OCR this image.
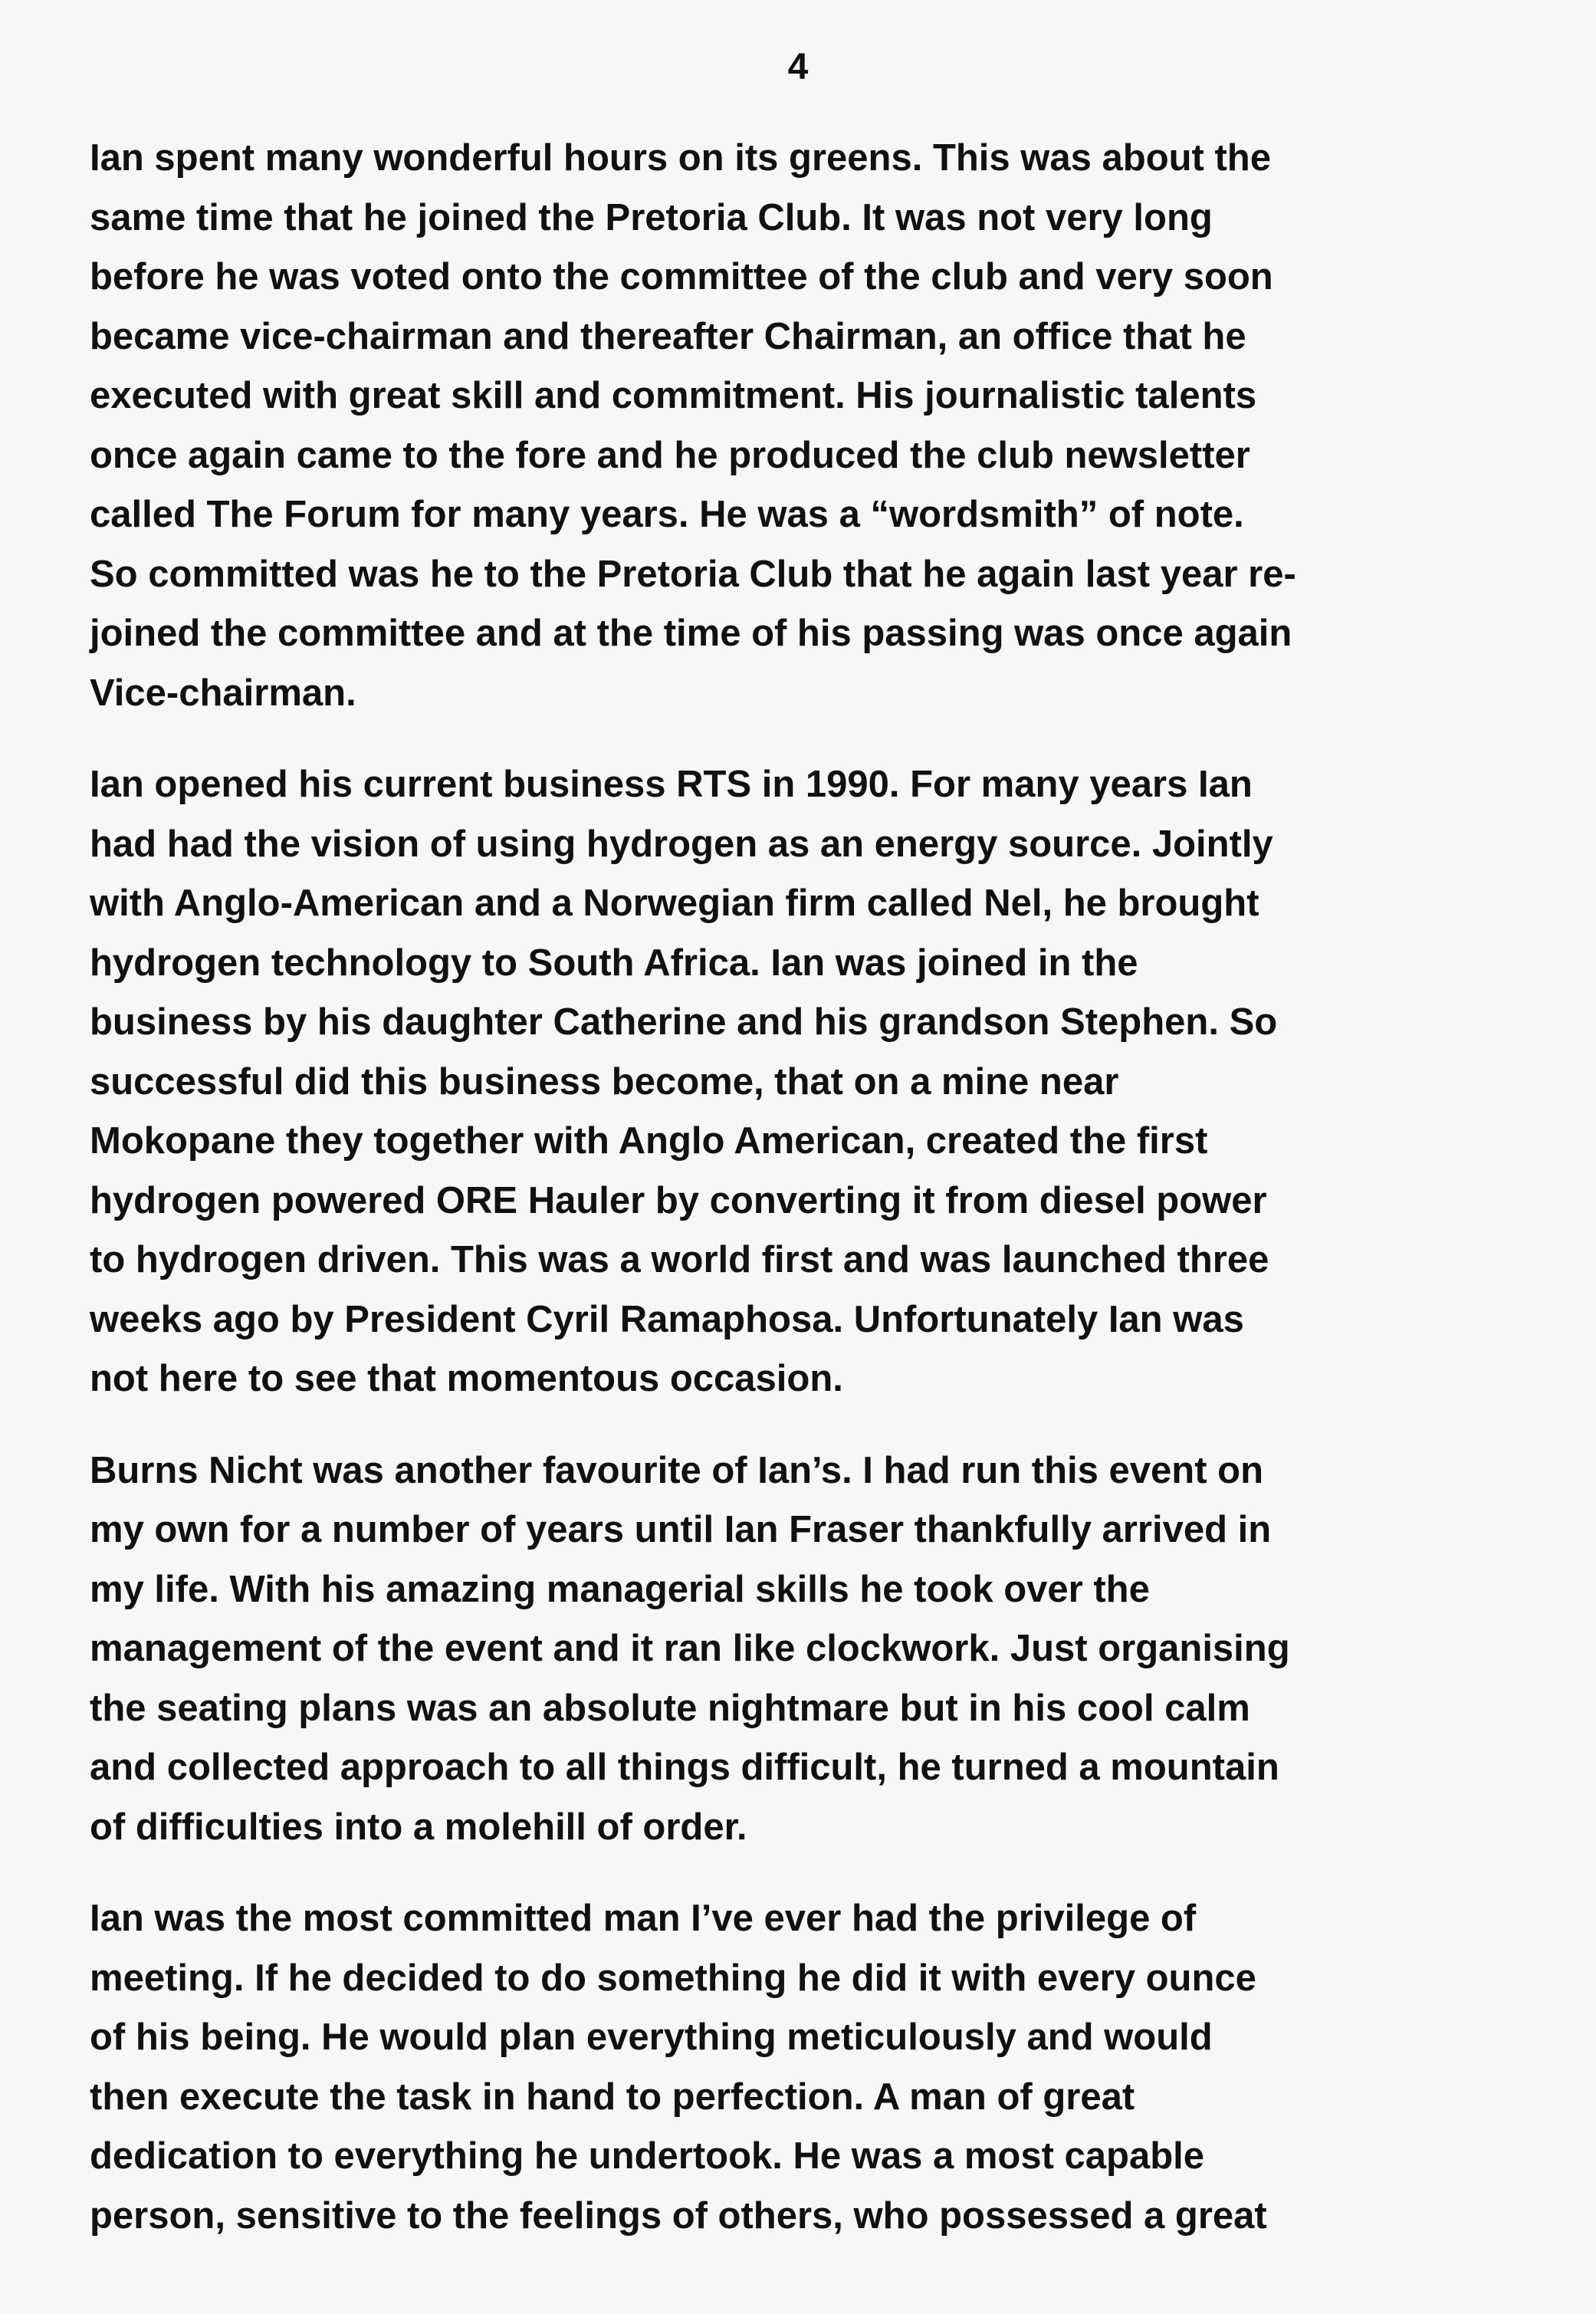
4
Ian spent many wonderful hours on its greens. This was about the
same time that he joined the Pretoria Club. It was not very long
before he was voted onto the committee of the club and very soon
became vice-chairman and thereafter Chairman, an office that he
executed with great skill and commitment. His journalistic talents
once again came to the fore and he produced the club newsletter
called The Forum for many years. He was a “wordsmith” of note.
So committed was he to the Pretoria Club that he again last year re-
joined the committee and at the time of his passing was once again
Vice-chairman.
Ian opened his current business RTS in 1990. For many years Ian
had had the vision of using hydrogen as an energy source. Jointly
with Anglo-American and a Norwegian firm called Nel, he brought
hydrogen technology to South Africa. Ian was joined in the
business by his daughter Catherine and his grandson Stephen. So
successful did this business become, that on a mine near
Mokopane they together with Anglo American, created the first
hydrogen powered ORE Hauler by converting it from diesel power
to hydrogen driven. This was a world first and was launched three
weeks ago by President Cyril Ramaphosa. Unfortunately Ian was
not here to see that momentous occasion.
Burns Nicht was another favourite of Ian’s. I had run this event on
my own for a number of years until Ian Fraser thankfully arrived in
my life. With his amazing managerial skills he took over the
management of the event and it ran like clockwork. Just organising
the seating plans was an absolute nightmare but in his cool calm
and collected approach to all things difficult, he turned a mountain
of difficulties into a molehill of order.
Ian was the most committed man I’ve ever had the privilege of
meeting. If he decided to do something he did it with every ounce
of his being. He would plan everything meticulously and would
then execute the task in hand to perfection. A man of great
dedication to everything he undertook. He was a most capable
person, sensitive to the feelings of others, who possessed a great
